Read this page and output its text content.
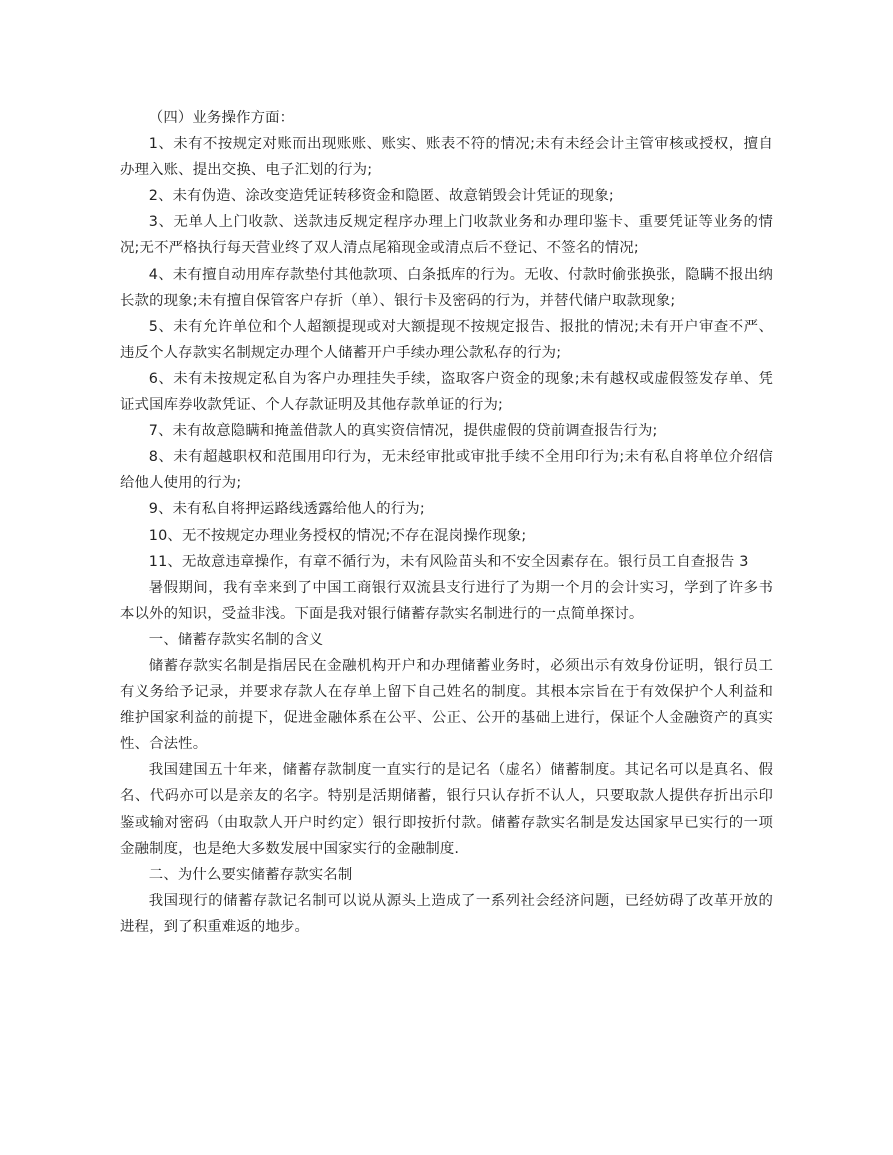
（四）业务操作方面：

1、未有不按规定对账而出现账账、账实、账表不符的情况;未有未经会计主管审核或授权，擅自办理入账、提出交换、电子汇划的行为;

2、未有伪造、涂改变造凭证转移资金和隐匿、故意销毁会计凭证的现象;

3、无单人上门收款、送款违反规定程序办理上门收款业务和办理印鉴卡、重要凭证等业务的情况;无不严格执行每天营业终了双人清点尾箱现金或清点后不登记、不签名的情况;

4、未有擅自动用库存款垫付其他款项、白条抵库的行为。无收、付款时偷张换张，隐瞒不报出纳长款的现象;未有擅自保管客户存折（单）、银行卡及密码的行为，并替代储户取款现象;

5、未有允许单位和个人超额提现或对大额提现不按规定报告、报批的情况;未有开户审查不严、违反个人存款实名制规定办理个人储蓄开户手续办理公款私存的行为;

6、未有未按规定私自为客户办理挂失手续，盗取客户资金的现象;未有越权或虚假签发存单、凭证式国库券收款凭证、个人存款证明及其他存款单证的行为;

7、未有故意隐瞒和掩盖借款人的真实资信情况，提供虚假的贷前调查报告行为;

8、未有超越职权和范围用印行为，无未经审批或审批手续不全用印行为;未有私自将单位介绍信给他人使用的行为;

9、未有私自将押运路线透露给他人的行为;

10、无不按规定办理业务授权的情况;不存在混岗操作现象;

11、无故意违章操作，有章不循行为，未有风险苗头和不安全因素存在。银行员工自查报告 3

暑假期间，我有幸来到了中国工商银行双流县支行进行了为期一个月的会计实习，学到了许多书本以外的知识，受益非浅。下面是我对银行储蓄存款实名制进行的一点简单探讨。

一、储蓄存款实名制的含义

储蓄存款实名制是指居民在金融机构开户和办理储蓄业务时，必须出示有效身份证明，银行员工有义务给予记录，并要求存款人在存单上留下自己姓名的制度。其根本宗旨在于有效保护个人利益和维护国家利益的前提下，促进金融体系在公平、公正、公开的基础上进行，保证个人金融资产的真实性、合法性。

我国建国五十年来，储蓄存款制度一直实行的是记名（虚名）储蓄制度。其记名可以是真名、假名、代码亦可以是亲友的名字。特别是活期储蓄，银行只认存折不认人，只要取款人提供存折出示印鉴或输对密码（由取款人开户时约定）银行即按折付款。储蓄存款实名制是发达国家早已实行的一项金融制度，也是绝大多数发展中国家实行的金融制度.

二、为什么要实储蓄存款实名制

我国现行的储蓄存款记名制可以说从源头上造成了一系列社会经济问题，已经妨碍了改革开放的进程，到了积重难返的地步。
